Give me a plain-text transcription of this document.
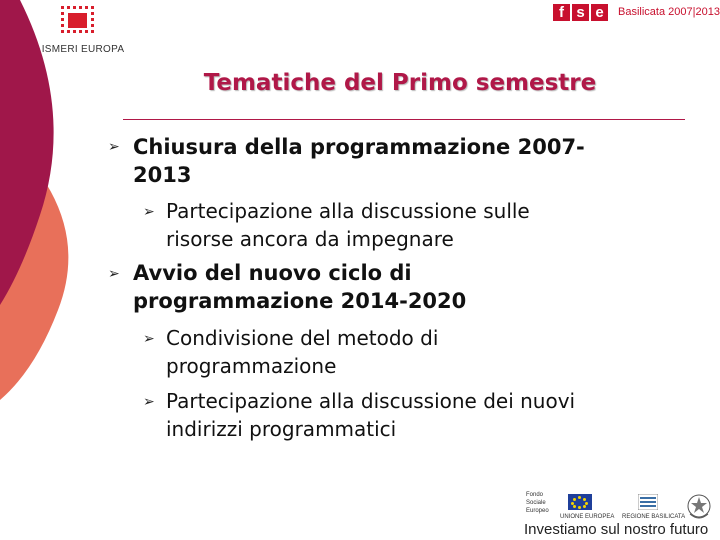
ISMERI EUROPA
f s e	Basilicata 2007|2013
Tematiche del Primo semestre
➢ Chiusura della programmazione 2007-
2013
➢ Partecipazione alla discussione sulle
risorse ancora da impegnare
➢ Avvio del nuovo ciclo di
programmazione 2014-2020
➢ Condivisione del metodo di
programmazione
➢ Partecipazione alla discussione dei nuovi
indirizzi programmatici
Fondo
Sociale
Europeo
UNIONE EUROPEA REGIONE BASILICATA
Investiamo sul nostro futuro
